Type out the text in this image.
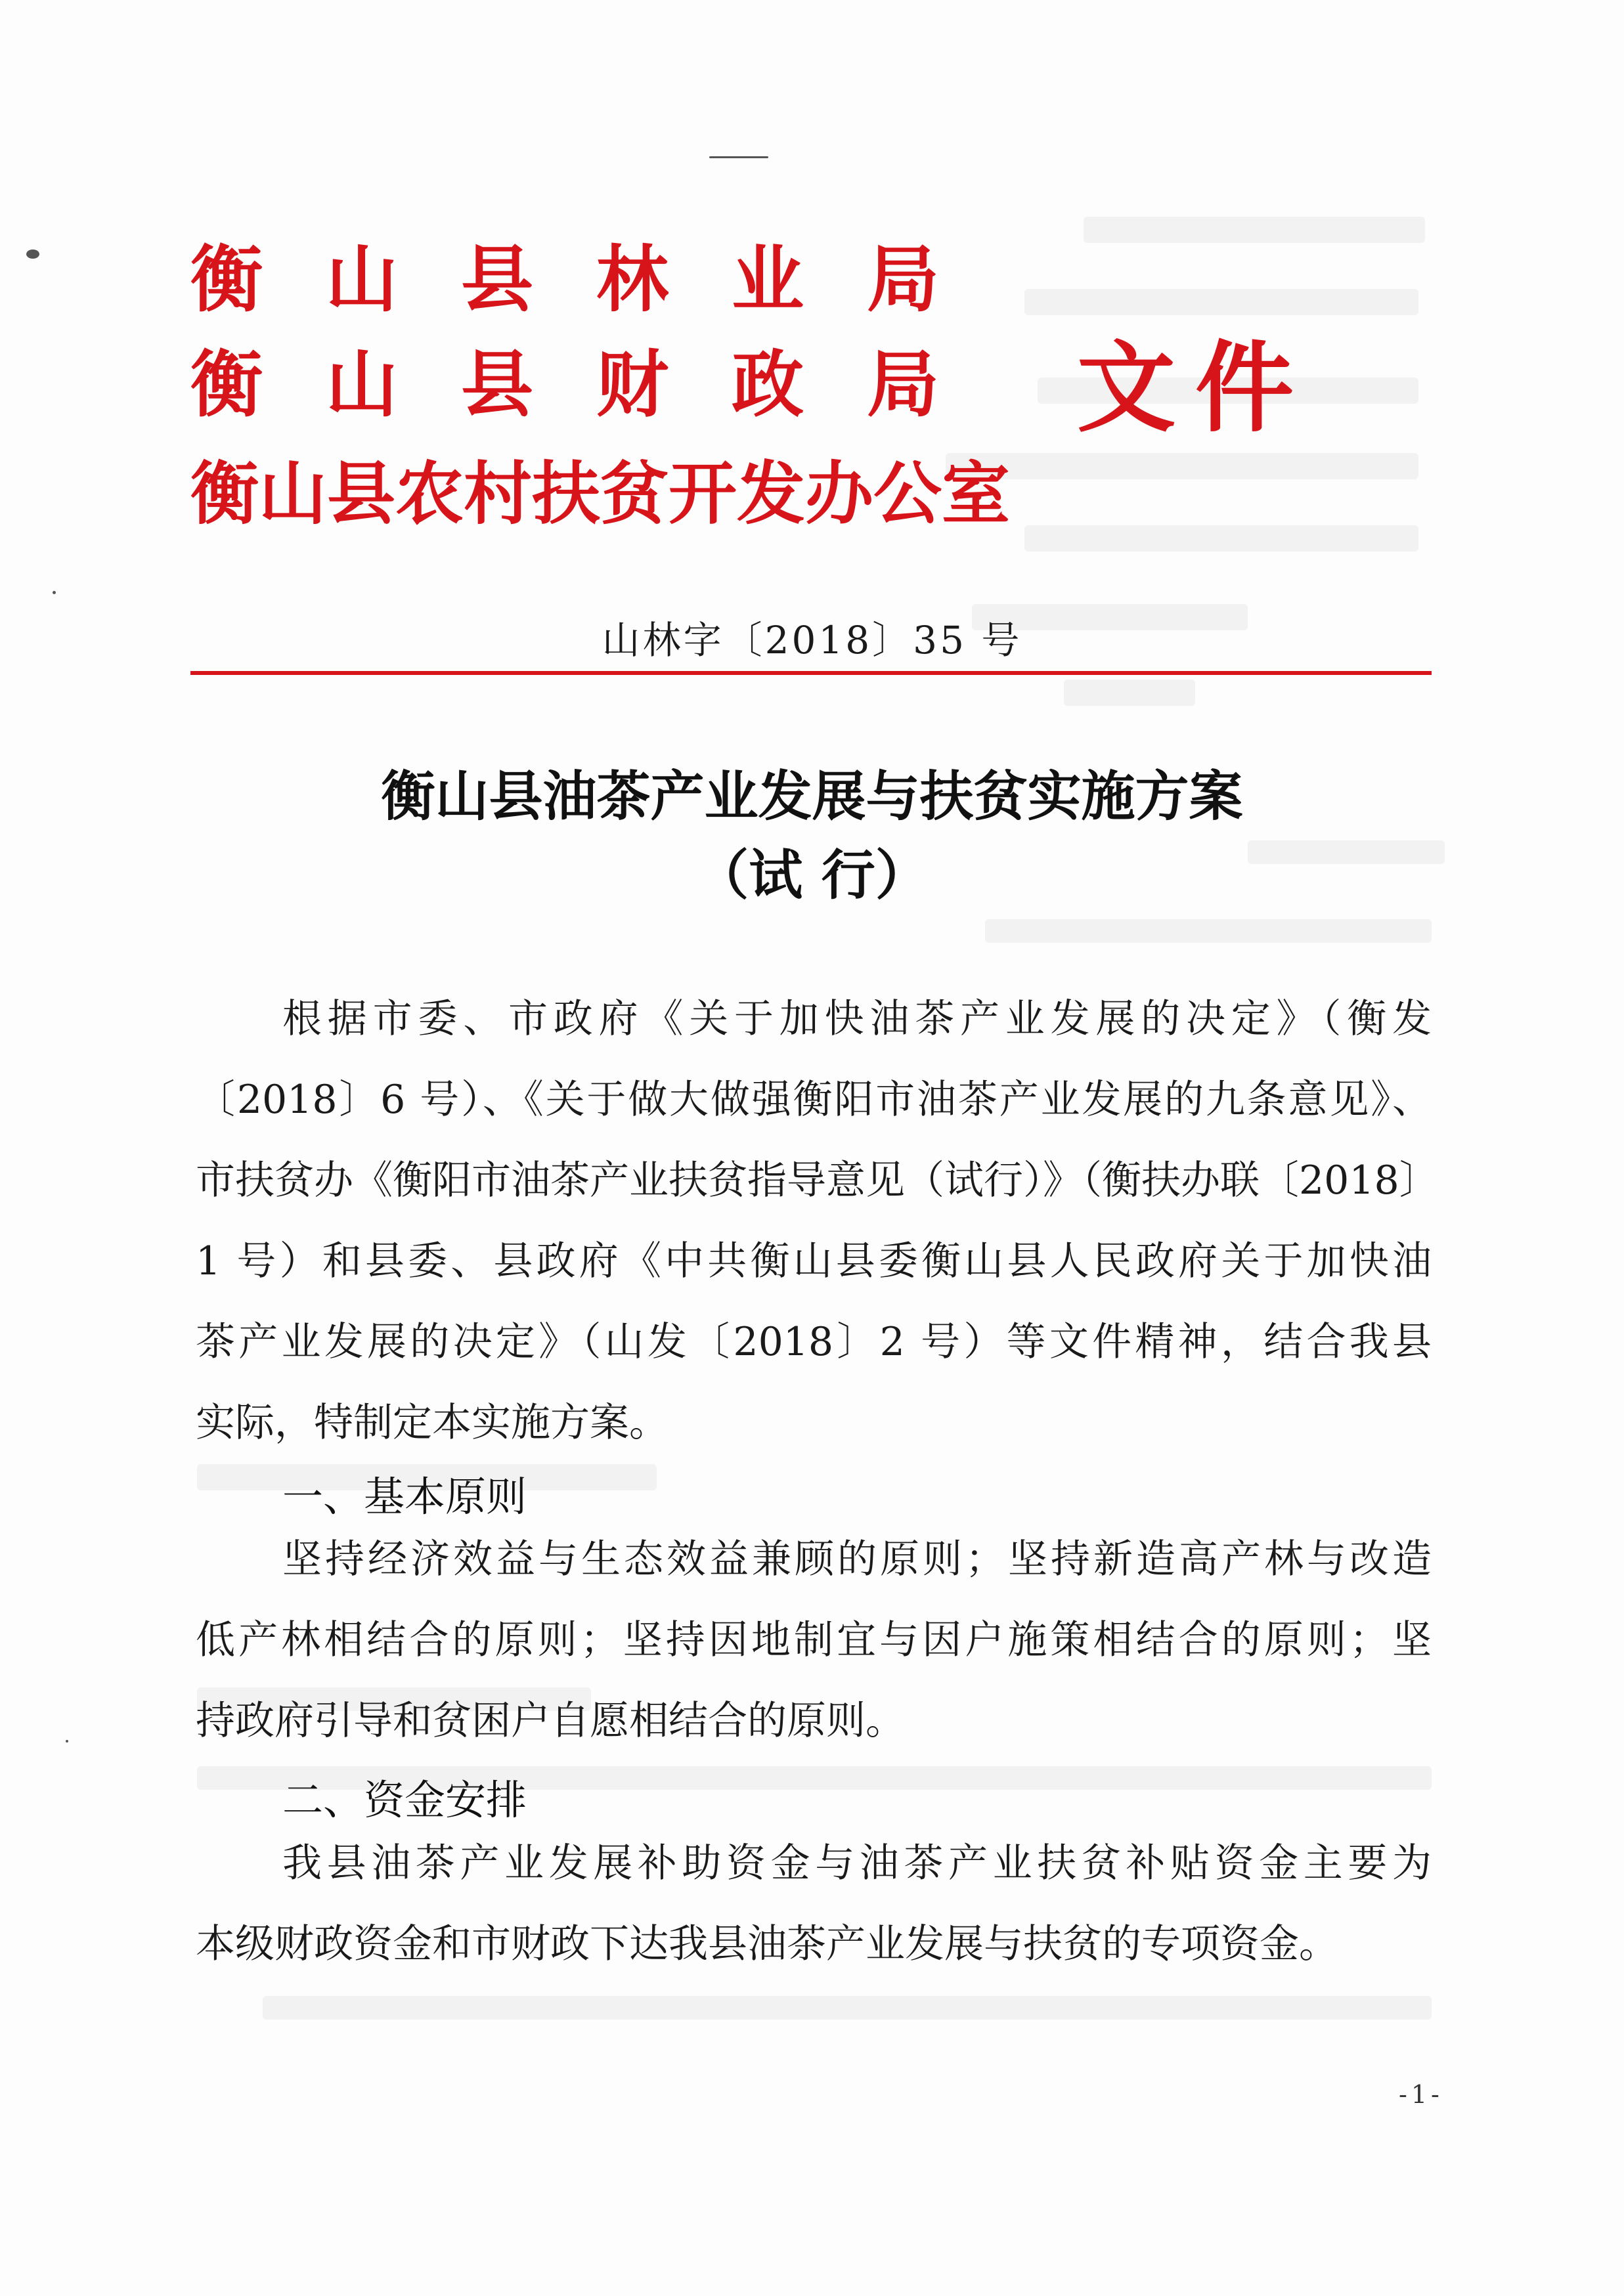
衡山县林业局
衡山县财政局
衡山县农村扶贫开发办公室
文件
山林字〔2018〕35 号
衡山县油茶产业发展与扶贫实施方案
（试 行）
根据市委、市政府《关于加快油茶产业发展的决定》（衡发
〔2018〕6 号）、《关于做大做强衡阳市油茶产业发展的九条意见》、
市扶贫办《衡阳市油茶产业扶贫指导意见（试行）》（衡扶办联〔2018〕
1 号）和县委、县政府《中共衡山县委衡山县人民政府关于加快油
茶产业发展的决定》（山发〔2018〕2 号）等文件精神，结合我县
实际，特制定本实施方案。
一、基本原则
坚持经济效益与生态效益兼顾的原则；坚持新造高产林与改造
低产林相结合的原则；坚持因地制宜与因户施策相结合的原则；坚
持政府引导和贫困户自愿相结合的原则。
二、资金安排
我县油茶产业发展补助资金与油茶产业扶贫补贴资金主要为
本级财政资金和市财政下达我县油茶产业发展与扶贫的专项资金。
-1-
